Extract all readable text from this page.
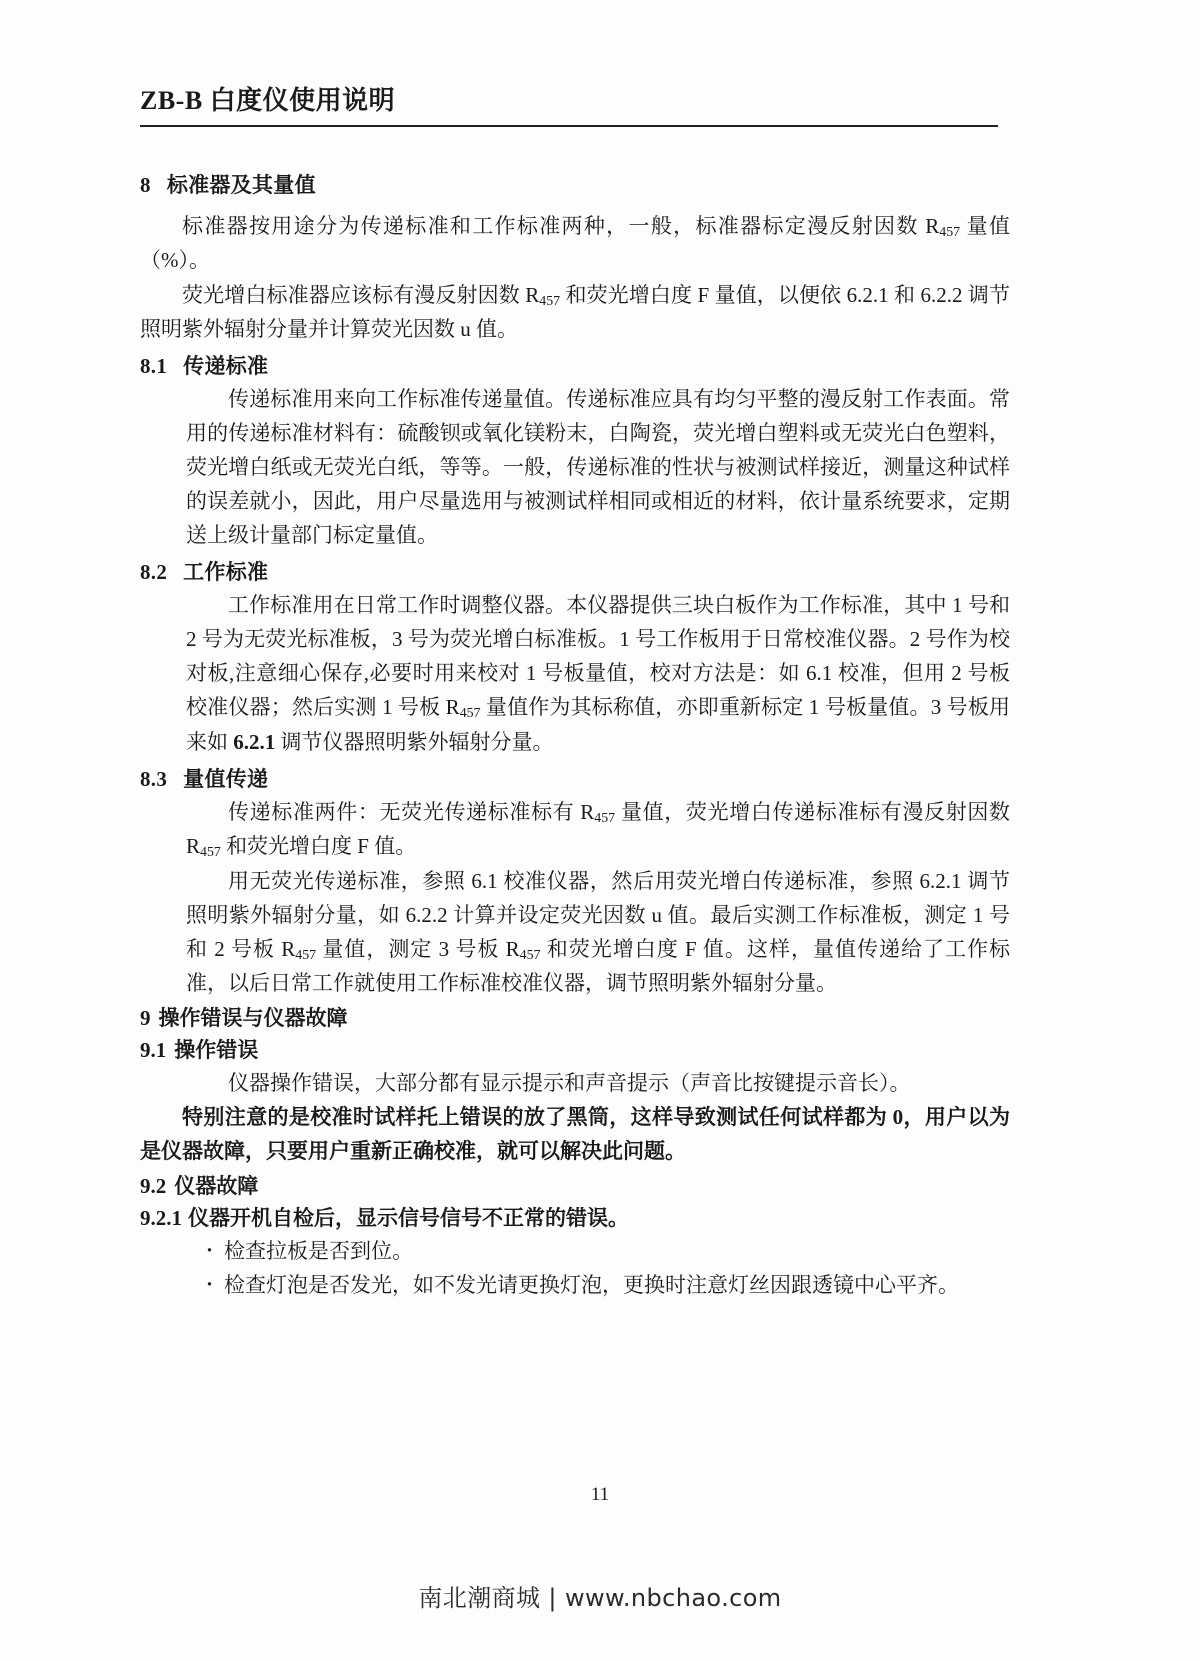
ZB-B 白度仪使用说明
8 标准器及其量值

标准器按用途分为传递标准和工作标准两种，一般，标准器标定漫反射因数 $R_{457}$ 量值（%）。

荧光增白标准器应该标有漫反射因数 $R_{457}$ 和荧光增白度 F 量值，以便依 6.2.1 和 6.2.2 调节照明紫外辐射分量并计算荧光因数 u 值。

8.1 传递标准

传递标准用来向工作标准传递量值。传递标准应具有均匀平整的漫反射工作表面。常用的传递标准材料有：硫酸钡或氧化镁粉末，白陶瓷，荧光增白塑料或无荧光白色塑料，荧光增白纸或无荧光白纸，等等。一般，传递标准的性状与被测试样接近，测量这种试样的误差就小，因此，用户尽量选用与被测试样相同或相近的材料，依计量系统要求，定期送上级计量部门标定量值。

8.2 工作标准

工作标准用在日常工作时调整仪器。本仪器提供三块白板作为工作标准，其中 1 号和 2 号为无荧光标准板，3 号为荧光增白标准板。1 号工作板用于日常校准仪器。2 号作为校对板,注意细心保存,必要时用来校对 1 号板量值，校对方法是：如 6.1 校准，但用 2 号板校准仪器；然后实测 1 号板 $R_{457}$ 量值作为其标称值，亦即重新标定 1 号板量值。3 号板用来如 6.2.1 调节仪器照明紫外辐射分量。

8.3 量值传递

传递标准两件：无荧光传递标准标有 $R_{457}$ 量值，荧光增白传递标准标有漫反射因数 $R_{457}$ 和荧光增白度 F 值。

用无荧光传递标准，参照 6.1 校准仪器，然后用荧光增白传递标准，参照 6.2.1 调节照明紫外辐射分量，如 6.2.2 计算并设定荧光因数 u 值。最后实测工作标准板，测定 1 号和 2 号板 $R_{457}$ 量值，测定 3 号板 $R_{457}$ 和荧光增白度 F 值。这样，量值传递给了工作标准，以后日常工作就使用工作标准校准仪器，调节照明紫外辐射分量。

9 操作错误与仪器故障
9.1 操作错误

仪器操作错误，大部分都有显示提示和声音提示（声音比按键提示音长）。

特别注意的是校准时试样托上错误的放了黑筒，这样导致测试任何试样都为 0，用户以为是仪器故障，只要用户重新正确校准，就可以解决此问题。

9.2 仪器故障
9.2.1 仪器开机自检后，显示信号信号不正常的错误。
· 检查拉板是否到位。
· 检查灯泡是否发光，如不发光请更换灯泡，更换时注意灯丝因跟透镜中心平齐。
11
南北潮商城 | www.nbchao.com
